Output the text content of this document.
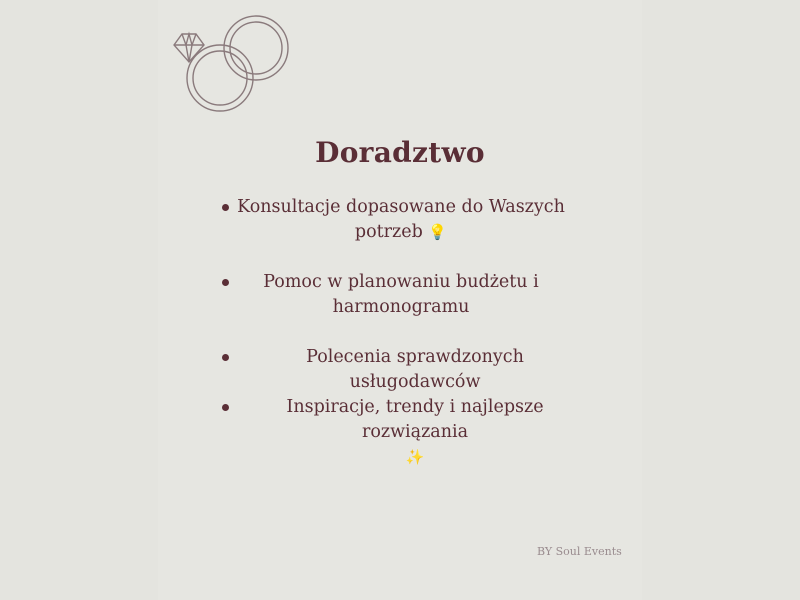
Doradztwo
Konsultacje dopasowane do Waszych potrzeb 💡
Pomoc w planowaniu budżetu i harmonogramu
Polecenia sprawdzonych usługodawców
Inspiracje, trendy i najlepsze rozwiązania
✨
BY Soul Events
